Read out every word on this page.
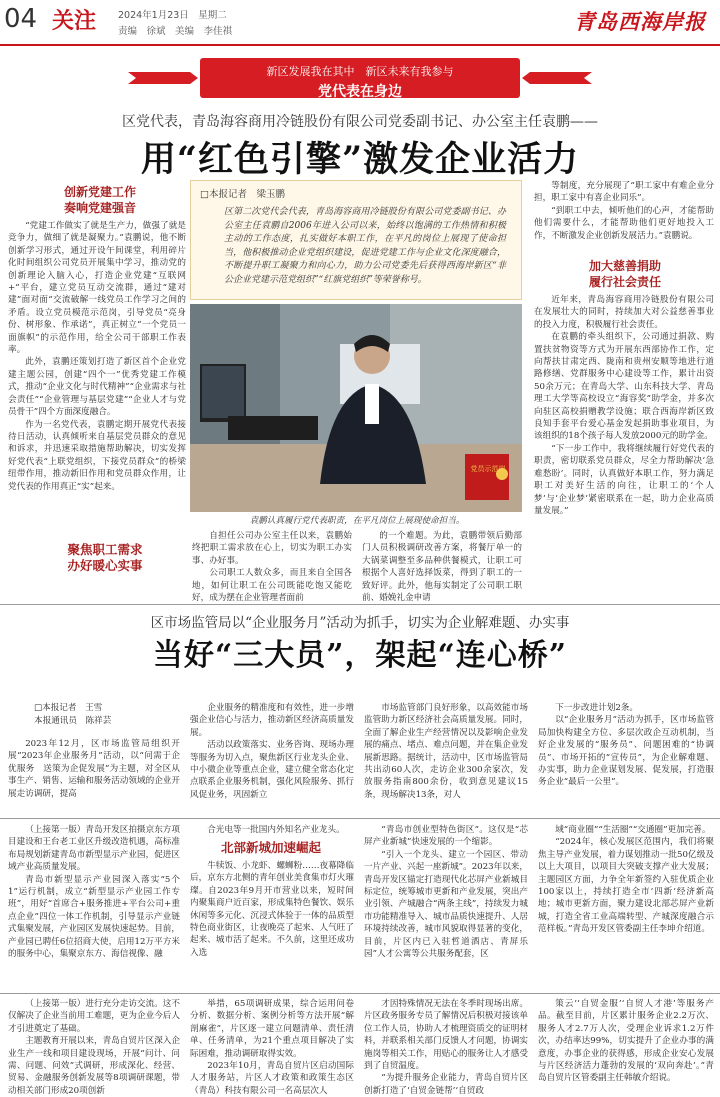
04 关注 2024年1月23日　星期二
责编　徐斌　美编　李佳祺	青岛西海岸报
新区发展我在其中　新区未来有我参与
党代表在身边
区党代表，青岛海容商用冷链股份有限公司党委副书记、办公室主任袁鹏——
用“红色引擎”激发企业活力
创新党建工作
奏响党建强音

“党建工作做实了就是生产力，做强了就是竞争力，做细了就是凝聚力。”袁鹏说，他不断创新学习形式，通过开设午间课堂，利用碎片化时间组织公司党员开展集中学习，推动党的创新理论入脑入心，打造企业党建“互联网+”平台，建立党员互动交流群，通过“建对建”面对面“交流破解一线党员工作学习之间的矛盾。设立党员模范示范岗，引导党员“亮身份、树形象、作承诺”，真正树立“一个党员一面旗帜”的示范作用，给全公司干部职工作表率。

此外，袁鹏还策划打造了新区首个企业党建主题公园，创建“四个一”优秀党建工作模式，推动“企业文化与时代精神”“企业需求与社会责任”“企业管理与基层党建”“企业人才与党员骨干”四个方面深度融合。

作为一名党代表，袁鹏定期开展党代表接待日活动，认真倾听来自基层党员群众的意见和诉求，并迅速采取措施帮助解决，切实发挥好党代表“上联党组织，下接党员群众”的桥梁纽带作用，推动新旧作用和党员群众作用，让党代表的作用真正“实”起来。

聚焦职工需求
办好暖心实事
□本报记者　梁玉鹏
区第二次党代会代表，青岛海容商用冷链股份有限公司党委副书记、办公室主任袁鹏自2006年进入公司以来，始终以饱满的工作热情和积极主动的工作态度，扎实做好本职工作，在平凡的岗位上展现了使命担当，他积极推动企业党组织建设，促进党建工作与企业文化深度融合，不断提升职工凝聚力和向心力，助力公司党委先后获得西海岸新区“非公企业党建示范党组织”“红旗党组织”等荣誉称号。
党员示范岗
袁鹏认真履行党代表职责，在平凡岗位上展现使命担当。

自担任公司办公室主任以来，袁鹏始终把职工需求放在心上，切实为职工办实事、办好事。

公司职工人数众多，而且来自全国各地，如何让职工在公司既能吃饱又能吃好，成为摆在企业管理者面前

的一个难题。为此，袁鹏带领后勤部门人员积极调研改善方案，将餐厅单一的大锅菜调整至多品种供餐模式，让职工可根据个人喜好选择饭菜，得到了职工的一致好评。此外，他每实制定了公司职工职前、婚娩礼金申请

等制度，充分展现了“职工家中有难企业分担，职工家中有喜企业同乐”。

“到职工中去，倾听他们的心声，才能帮助他们需要什么，才能帮助他们更好地投入工作，不断激发企业创新发展活力。”袁鹏说。

加大慈善捐助
履行社会责任

近年来，青岛海容商用冷链股份有限公司在发展壮大的同时，持续加大对公益慈善事业的投入力度，积极履行社会责任。

在袁鹏的牵头组织下，公司通过捐款、购置扶贫物资等方式为开展东西部协作工作，定向帮扶甘肃定西、陇南和贵州安顺等地进行道路修缮、党群服务中心建设等工作，累计出资50余万元；在青岛大学、山东科技大学、青岛理工大学等高校设立“海容奖”助学金，并多次向驻区高校捐赠教学设施；联合西海岸新区致良知手套平台爱心基金发起捐助事业项目，为该组织的18个孩子每人发放2000元的助学金。

“下一步工作中，我将继续履行好党代表的职责，密切联系党员群众，尽全力帮助解决‘急难愁盼’。同时，认真做好本职工作，努力满足职工对美好生活的向往，让职工的‘个人梦’与‘企业梦’紧密联系在一起，助力企业高质量发展。”

区市场监管局以“企业服务月”活动为抓手，切实为企业解难题、办实事
当好“三大员”，架起“连心桥”
□本报记者　王雪
本报通讯员　陈祥芸

2023年12月，区市场监管局组织开展“2023年企业服务月”活动，以“问需于企优服务　送策为企促发展”为主题，对全区从事生产、销售、运输和服务活动领域的企业开展走访调研，提高

企业服务的精准度和有效性，进一步增强企业信心与活力，推动新区经济高质量发展。

活动以政策落实、业务咨询、现场办理等服务为切入点，聚焦新区行业龙头企业、中小微企业等重点企业，建立健全常态化定点联系企业服务机制，强化风险服务、抓行风促业务，巩固新立

市场监管部门良好形象，以高效能市场监管助力新区经济社会高质量发展。同时，全面了解企业生产经营情况以及影响企业发展的痛点、堵点、难点问题，并在集企业发展新思路。据统计，活动中，区市场监管局共出动60人次，走访企业300余家次，发放服务指南800余份，收到意见建议15条，现场解决13条，对人

下一步改进计划2条。

以“企业服务月”活动为抓手，区市场监管局加快构建全方位、多层次政企互动机制，当好企业发展的“服务员”、问题困难的“协调员”、市场开拓的“宣传员”，为企业解难题、办实事，助力企业谋划发展、促发展，打造服务企业“最后一公里”。

（上接第一版）青岛开发区拍摄京东方项目建设和王台老工业区升级改造机遇，高标准布局规划新建青岛市新型显示产业园，促进区域产业高质量发展。

青岛市新型显示产业园深入落实“5个1”运行机制，成立“新型显示产业园工作专班”，用好“首席合+服务推进+平台公司+重点企业”四位一体工作机制，引导显示产业链式集聚发展，产业园区发展快速起势。目前，产业园已聘任6位招商大使，启用12万平方米的服务中心，集聚京东方、海信视像、融

合光电等一批国内外知名产业龙头。

北部新城加速崛起

牛犊饭、小龙虾、螺蛳粉……夜幕降临后，京东方北侧的青年创业美食集市灯火璀璨。自2023年9月开市营业以来，短时间内聚集商户近百家，形成集特色餐饮、娱乐休闲等多元化、沉浸式体验于一体的品质型特色商业街区，让夜晚亮了起来、人气旺了起来、城市活了起来。不久前，这里还成功入选

“青岛市创业型特色街区”。这仅是“芯屏产业新城”快速发展的一个缩影。

“引入一个龙头、建立一个园区、带动一片产业、兴起一座新城”。2023年以来，青岛开发区锚定打造现代化芯屏产业新城目标定位，统筹城市更新和产业发展，突出产业引领、产城融合“两条主线”，持续发力城市功能精准导入、城市品质快速提升、人居环境持续改善，城市风貌取得显著的变化，目前，片区内已入驻哲道酒店、青屏乐园”人才公寓等公共服务配套，区

域“商业圈”“生活圈”“交通圈”更加完善。

“2024年，核心发展区范围内，我们将聚焦主导产业发展，着力谋划推动一批50亿级及以上大项目，以项目大突破支撑产业大发展；主题园区方面，力争全年新签约入驻优质企业100家以上，持续打造全市‘四新’经济新高地；城市更新方面，聚力建设北部芯屏产业新城，打造全省工业高端转型、产城深度融合示范样板。”青岛开发区管委副主任李坤介绍道。

（上接第一版）进行充分走访交流。这不仅解决了企业当前用工难题，更为企业今后人才引进奠定了基础。

主题教育开展以来，青岛自贸片区深入企业生产一线和项目建设现场，开展“问计、问需、问题、问效”式调研，形成深化、经营、贸易、金融服务创新发展等8项调研课题，带动相关部门形成20项创新

举措，65项调研成果，综合运用问卷分析、数据分析、案例分析等方法开展“解剖麻雀”，片区逐一建立问题清单、责任清单、任务清单，为21个重点项目解决了实际困难，推动调研取得实效。

2023年10月，青岛自贸片区启动国际人才服务站，片区人才政策和政策生态区（青岛）科技有限公司一名高层次人

才因特殊情况无法在冬季时现场出席。片区政务服务专员了解情况后积极对接该单位工作人员，协助人才梳理资质交的证明材料，并联系相关部门反馈人才问题，协调实施岗等相关工作，用贴心的服务让人才感受到了自贸温度。

“为提升服务企业能力，青岛自贸片区创新打造了‘自贸金链帮’‘自贸政

策云’‘自贸金服’‘自贸人才港’等服务产品。截至目前，片区累计服务企业2.2万次、服务人才2.7万人次，受理企业诉求1.2万件次，办结率达99%，切实提升了企业办事的满意度，办事企业的获得感，形成企业安心发展与片区经济活力蓬勃的发展的‘双向奔赴’。”青岛自贸片区管委副主任韩敏介绍说。
